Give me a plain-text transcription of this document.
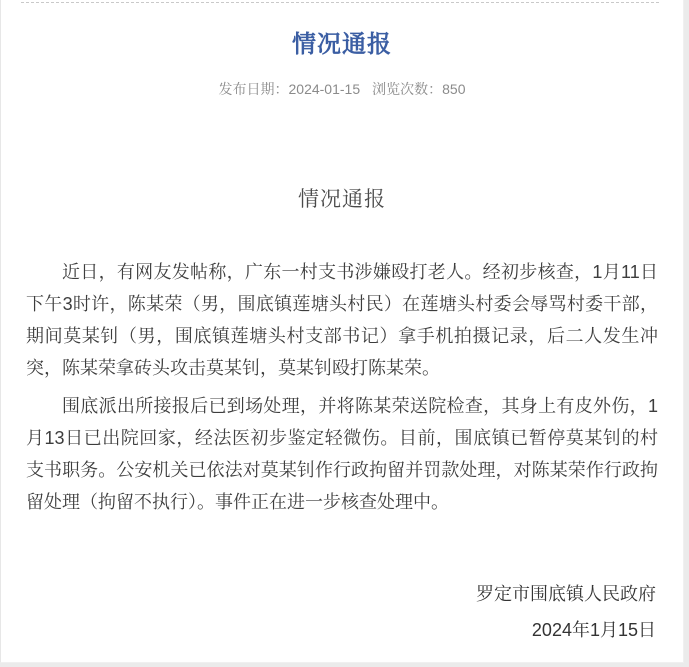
情况通报
发布日期：2024-01-15 浏览次数：850
情况通报

近日，有网友发帖称，广东一村支书涉嫌殴打老人。经初步核查，1月11日下午3时许，陈某荣（男，围底镇莲塘头村民）在莲塘头村委会辱骂村委干部，期间莫某钊（男，围底镇莲塘头村支部书记）拿手机拍摄记录，后二人发生冲突，陈某荣拿砖头攻击莫某钊，莫某钊殴打陈某荣。

围底派出所接报后已到场处理，并将陈某荣送院检查，其身上有皮外伤，1月13日已出院回家，经法医初步鉴定轻微伤。目前，围底镇已暂停莫某钊的村支书职务。公安机关已依法对莫某钊作行政拘留并罚款处理，对陈某荣作行政拘留处理（拘留不执行）。事件正在进一步核查处理中。

罗定市围底镇人民政府
2024年1月15日
